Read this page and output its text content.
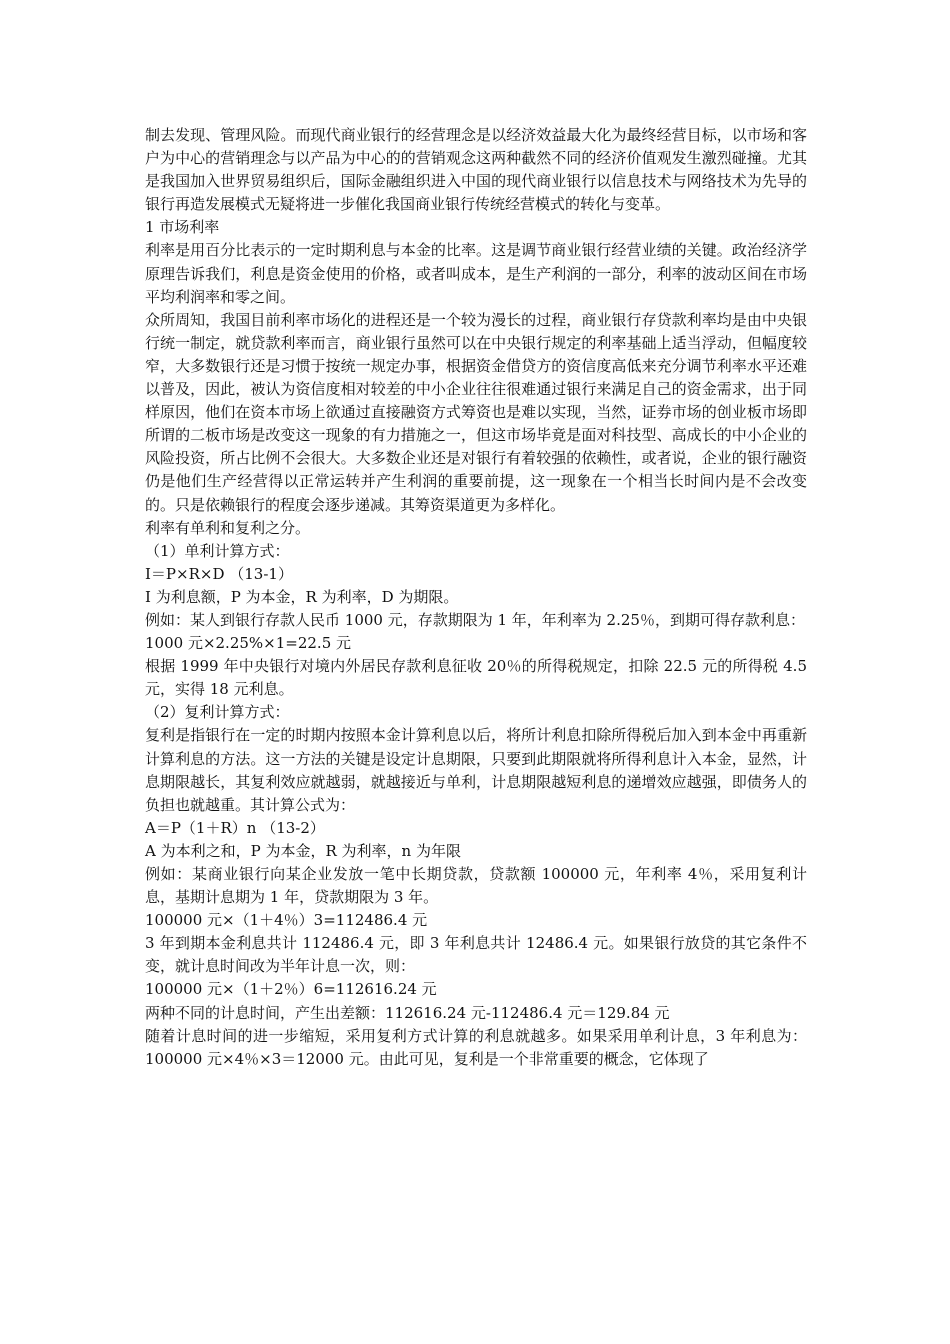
制去发现、管理风险。而现代商业银行的经营理念是以经济效益最大化为最终经营目标，以市场和客户为中心的营销理念与以产品为中心的的营销观念这两种截然不同的经济价值观发生激烈碰撞。尤其是我国加入世界贸易组织后，国际金融组织进入中国的现代商业银行以信息技术与网络技术为先导的银行再造发展模式无疑将进一步催化我国商业银行传统经营模式的转化与变革。

1 市场利率

利率是用百分比表示的一定时期利息与本金的比率。这是调节商业银行经营业绩的关键。政治经济学原理告诉我们，利息是资金使用的价格，或者叫成本，是生产利润的一部分，利率的波动区间在市场平均利润率和零之间。

众所周知，我国目前利率市场化的进程还是一个较为漫长的过程，商业银行存贷款利率均是由中央银行统一制定，就贷款利率而言，商业银行虽然可以在中央银行规定的利率基础上适当浮动，但幅度较窄，大多数银行还是习惯于按统一规定办事，根据资金借贷方的资信度高低来充分调节利率水平还难以普及，因此，被认为资信度相对较差的中小企业往往很难通过银行来满足自己的资金需求，出于同样原因，他们在资本市场上欲通过直接融资方式筹资也是难以实现，当然，证券市场的创业板市场即所谓的二板市场是改变这一现象的有力措施之一，但这市场毕竟是面对科技型、高成长的中小企业的风险投资，所占比例不会很大。大多数企业还是对银行有着较强的依赖性，或者说，企业的银行融资仍是他们生产经营得以正常运转并产生利润的重要前提，这一现象在一个相当长时间内是不会改变的。只是依赖银行的程度会逐步递减。其筹资渠道更为多样化。

利率有单利和复利之分。

（1）单利计算方式：

I＝P×R×D （13-1）

I 为利息额，P 为本金，R 为利率，D 为期限。

例如：某人到银行存款人民币 1000 元，存款期限为 1 年，年利率为 2.25％，到期可得存款利息：

1000 元×2.25%×1=22.5 元

根据 1999 年中央银行对境内外居民存款利息征收 20％的所得税规定，扣除 22.5 元的所得税 4.5 元，实得 18 元利息。

（2）复利计算方式：

复利是指银行在一定的时期内按照本金计算利息以后，将所计利息扣除所得税后加入到本金中再重新计算利息的方法。这一方法的关键是设定计息期限，只要到此期限就将所得利息计入本金，显然，计息期限越长，其复利效应就越弱，就越接近与单利，计息期限越短利息的递增效应越强，即债务人的负担也就越重。其计算公式为：

A＝P（1＋R）n （13-2）

A 为本利之和，P 为本金，R 为利率，n 为年限

例如：某商业银行向某企业发放一笔中长期贷款，贷款额 100000 元，年利率 4％，采用复利计息，基期计息期为 1 年，贷款期限为 3 年。

100000 元×（1＋4％）3=112486.4 元

3 年到期本金利息共计 112486.4 元，即 3 年利息共计 12486.4 元。如果银行放贷的其它条件不变，就计息时间改为半年计息一次，则：

100000 元×（1＋2％）6=112616.24 元

两种不同的计息时间，产生出差额：112616.24 元-112486.4 元＝129.84 元

随着计息时间的进一步缩短，采用复利方式计算的利息就越多。如果采用单利计息，3 年利息为：100000 元×4％×3＝12000 元。由此可见，复利是一个非常重要的概念，它体现了
